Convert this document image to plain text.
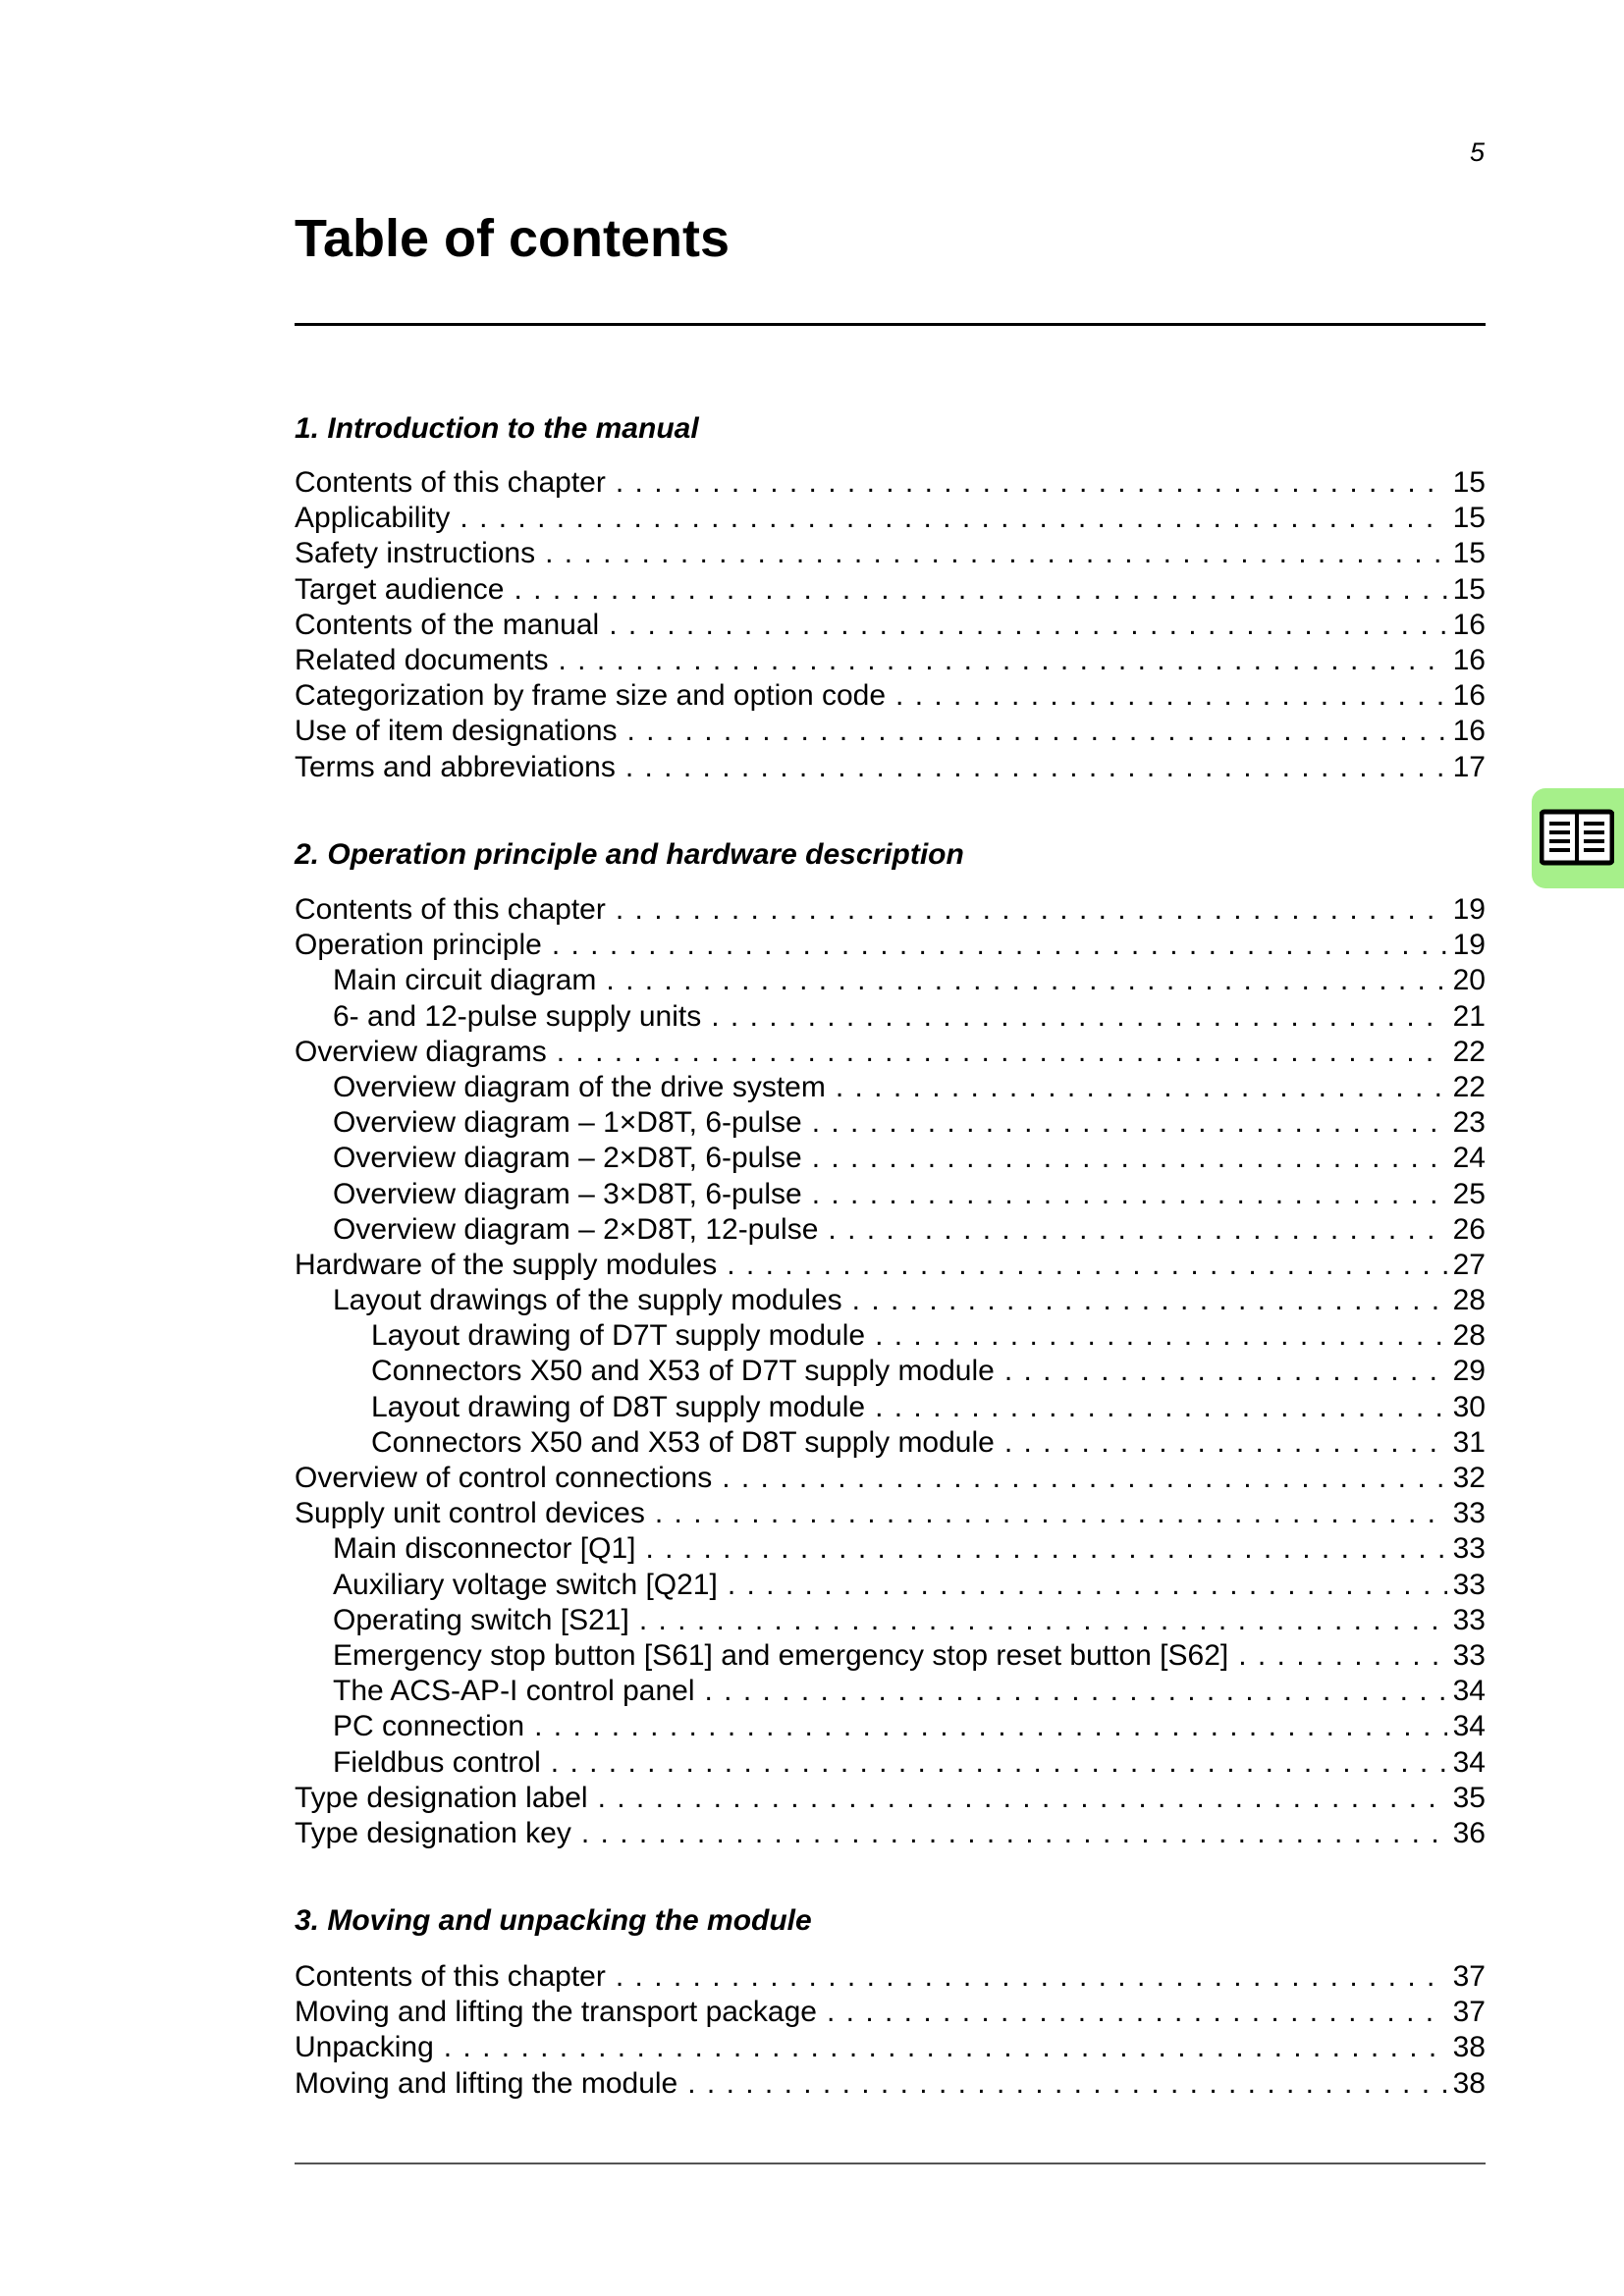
5
Table of contents
1. Introduction to the manual
Contents of this chapter . . .	15
Applicability . . .	15
Safety instructions . . .	15
Target audience . . .	15
Contents of the manual . . .	16
Related documents . . .	16
Categorization by frame size and option code . . .	16
Use of item designations . . .	16
Terms and abbreviations . . .	17
2. Operation principle and hardware description
Contents of this chapter . . .	19
Operation principle . . .	19
Main circuit diagram . . .	20
6- and 12-pulse supply units . . .	21
Overview diagrams . . .	22
Overview diagram of the drive system . . .	22
Overview diagram – 1×D8T, 6-pulse . . .	23
Overview diagram – 2×D8T, 6-pulse . . .	24
Overview diagram – 3×D8T, 6-pulse . . .	25
Overview diagram – 2×D8T, 12-pulse . . .	26
Hardware of the supply modules . . .	27
Layout drawings of the supply modules . . .	28
Layout drawing of D7T supply module . . .	28
Connectors X50 and X53 of D7T supply module . . .	29
Layout drawing of D8T supply module . . .	30
Connectors X50 and X53 of D8T supply module . . .	31
Overview of control connections . . .	32
Supply unit control devices . . .	33
Main disconnector [Q1] . . .	33
Auxiliary voltage switch [Q21] . . .	33
Operating switch [S21] . . .	33
Emergency stop button [S61] and emergency stop reset button [S62] . . .	33
The ACS-AP-I control panel . . .	34
PC connection . . .	34
Fieldbus control . . .	34
Type designation label . . .	35
Type designation key . . .	36
3. Moving and unpacking the module
Contents of this chapter . . .	37
Moving and lifting the transport package . . .	37
Unpacking . . .	38
Moving and lifting the module . . .	38
